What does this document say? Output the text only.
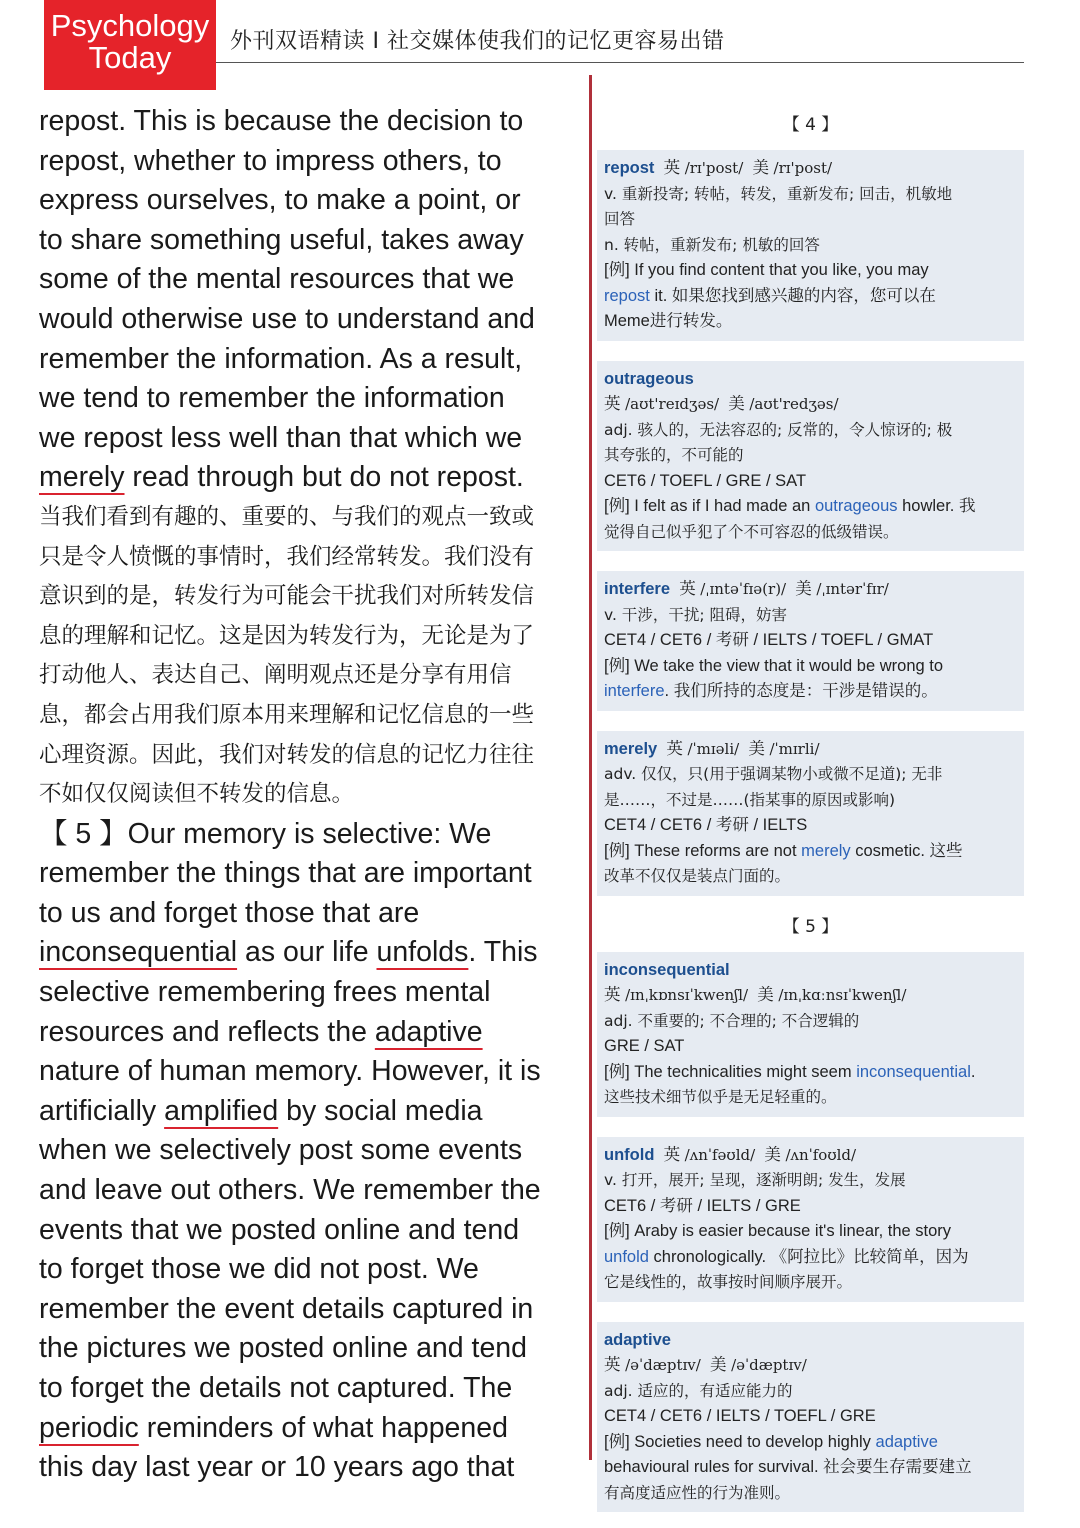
Psychology
Today	外刊双语精读 I 社交媒体使我们的记忆更容易出错
repost. This is because the decision to
repost, whether to impress others, to
express ourselves, to make a point, or
to share something useful, takes away
some of the mental resources that we
would otherwise use to understand and
remember the information. As a result,
we tend to remember the information
we repost less well than that which we
merely read through but do not repost.
当我们看到有趣的、重要的、与我们的观点一致或
只是令人愤慨的事情时，我们经常转发。我们没有
意识到的是，转发行为可能会干扰我们对所转发信
息的理解和记忆。这是因为转发行为，无论是为了
打动他人、表达自己、阐明观点还是分享有用信
息，都会占用我们原本用来理解和记忆信息的一些
心理资源。因此，我们对转发的信息的记忆力往往
不如仅仅阅读但不转发的信息。
【 5 】Our memory is selective: We
remember the things that are important
to us and forget those that are
inconsequential as our life unfolds. This
selective remembering frees mental
resources and reflects the adaptive
nature of human memory. However, it is
artificially amplified by social media
when we selectively post some events
and leave out others. We remember the
events that we posted online and tend
to forget those we did not post. We
remember the event details captured in
the pictures we posted online and tend
to forget the details not captured. The
periodic reminders of what happened
this day last year or 10 years ago that
【 4 】
repost 英 /rɪ'post/ 美 /rɪ'post/
v. 重新投寄; 转帖，转发，重新发布; 回击，机敏地
回答
n. 转帖，重新发布; 机敏的回答
[例] If you find content that you like, you may
repost it. 如果您找到感兴趣的内容，您可以在
Meme进行转发。
outrageous
英 /aʊt'reɪdʒəs/ 美 /aʊt'redʒəs/
adj. 骇人的，无法容忍的; 反常的，令人惊讶的; 极
其夸张的，不可能的
CET6 / TOEFL / GRE / SAT
[例] I felt as if I had made an outrageous howler. 我
觉得自己似乎犯了个不可容忍的低级错误。
interfere 英 /ˌɪntəˈfɪə(r)/ 美 /ˌɪntərˈfɪr/
v. 干涉，干扰; 阻碍，妨害
CET4 / CET6 / 考研 / IELTS / TOEFL / GMAT
[例] We take the view that it would be wrong to
interfere. 我们所持的态度是：干涉是错误的。
merely 英 /ˈmɪəli/ 美 /ˈmɪrli/
adv. 仅仅，只(用于强调某物小或微不足道); 无非
是……，不过是……(指某事的原因或影响)
CET4 / CET6 / 考研 / IELTS
[例] These reforms are not merely cosmetic. 这些
改革不仅仅是装点门面的。
【 5 】
inconsequential
英 /ɪnˌkɒnsɪˈkwenʃl/ 美 /ɪnˌkɑːnsɪˈkwenʃl/
adj. 不重要的; 不合理的; 不合逻辑的
GRE / SAT
[例] The technicalities might seem inconsequential.
这些技术细节似乎是无足轻重的。
unfold 英 /ʌnˈfəʊld/ 美 /ʌnˈfoʊld/
v. 打开，展开; 呈现，逐渐明朗; 发生，发展
CET6 / 考研 / IELTS / GRE
[例] Araby is easier because it's linear, the story
unfold chronologically. 《阿拉比》比较简单，因为
它是线性的，故事按时间顺序展开。
adaptive
英 /əˈdæptɪv/ 美 /əˈdæptɪv/
adj. 适应的，有适应能力的
CET4 / CET6 / IELTS / TOEFL / GRE
[例] Societies need to develop highly adaptive
behavioural rules for survival. 社会要生存需要建立
有高度适应性的行为准则。
